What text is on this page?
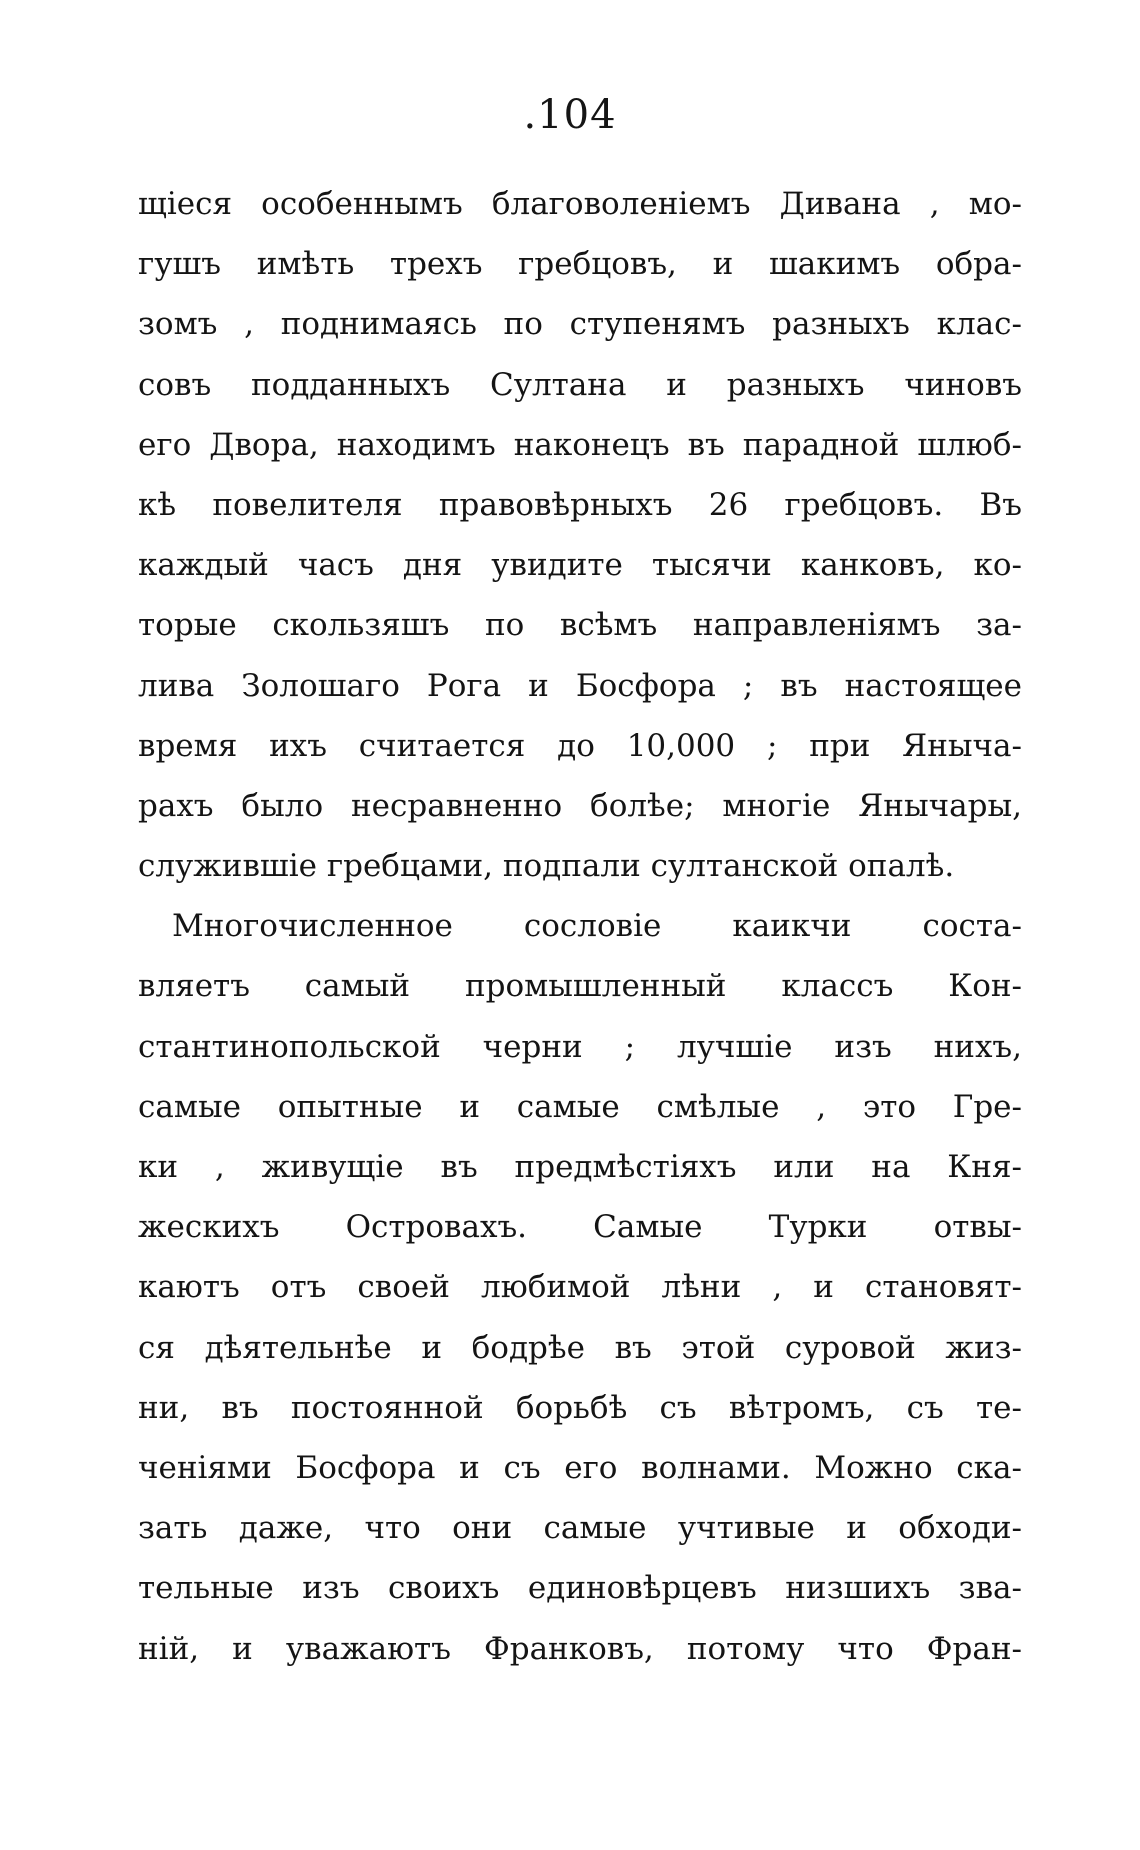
.104
щіеся особеннымъ благоволеніемъ Дивана , мо-
гушъ имѣть трехъ гребцовъ, и шакимъ обра-
зомъ , поднимаясь по ступенямъ разныхъ клас-
совъ подданныхъ Султана и разныхъ чиновъ
его Двора, находимъ наконецъ въ парадной шлюб-
кѣ повелителя правовѣрныхъ 26 гребцовъ. Въ
каждый часъ дня увидите тысячи канковъ, ко-
торые скользяшъ по всѣмъ направленіямъ за-
лива Золошаго Рога и Босфора ; въ настоящее
время ихъ считается до 10,000 ; при Янычa-
рахъ было несравненно болѣе; многіе Янычары,
служившіе гребцами, подпали султанской опалѣ.
Многочисленное сословіе каикчи соста-
вляетъ самый промышленный классъ Кон-
стантинопольской черни ; лучшіе изъ нихъ,
самые опытные и самые смѣлые , это Гре-
ки , живущіе въ предмѣстіяхъ или на Кня-
жескихъ Островахъ. Самые Турки отвы-
каютъ отъ своей любимой лѣни , и становят-
ся дѣятельнѣе и бодрѣе въ этой суровой жиз-
ни, въ постоянной борьбѣ съ вѣтромъ, съ те-
ченіями Босфора и съ его волнами. Можно ска-
зать даже, что они самые учтивые и обходи-
тельные изъ своихъ единовѣрцевъ низшихъ зва-
ній, и уважаютъ Франковъ, потому что Фран-
